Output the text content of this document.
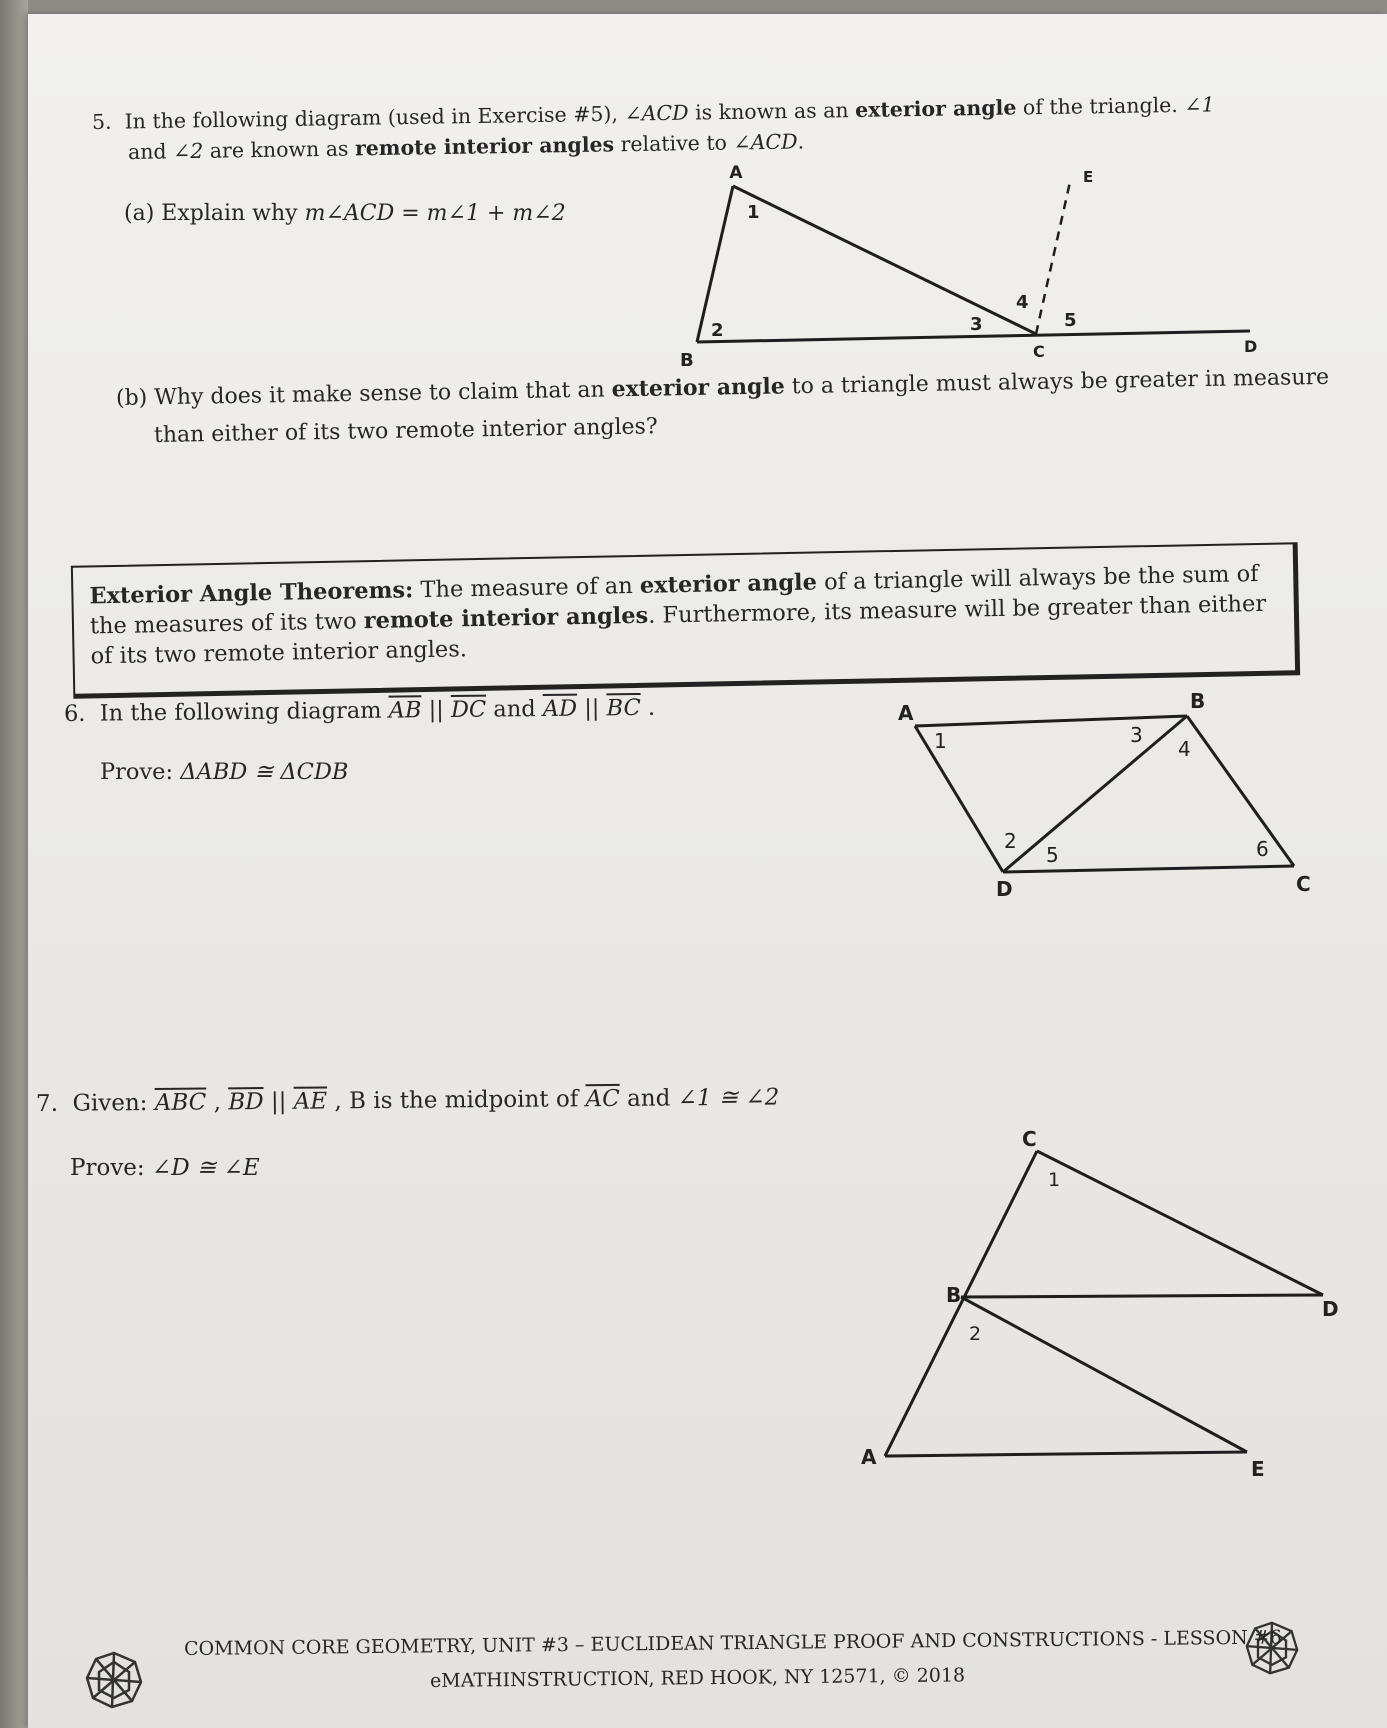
5. In the following diagram (used in Exercise #5), ∠ACD is known as an exterior angle of the triangle. ∠1
and ∠2 are known as remote interior angles relative to ∠ACD.
(a) Explain why m∠ACD = m∠1 + m∠2
A
B	C	D
E
1
2	3
4
5
(b) Why does it make sense to claim that an exterior angle to a triangle must always be greater in measure
than either of its two remote interior angles?

Exterior Angle Theorems: The measure of an exterior angle of a triangle will always be the sum of the measures of its two remote interior angles. Furthermore, its measure will be greater than either of its two remote interior angles.

6. In the following diagram $\overline{AB}$ || $\overline{DC}$ and $\overline{AD}$ || $\overline{BC}$ .
Prove: ΔABD ≅ ΔCDB
A	B
C
D
1
2
3
4
5	6
7. Given: $\overline{ABC}$ , $\overline{BD}$ || $\overline{AE}$ , B is the midpoint of $\overline{AC}$ and ∠1 ≅ ∠2
Prove: ∠D ≅ ∠E
C
B
D
A	E
1
2
COMMON CORE GEOMETRY, UNIT #3 – EUCLIDEAN TRIANGLE PROOF AND CONSTRUCTIONS - LESSON #6
eMATHINSTRUCTION, RED HOOK, NY 12571, © 2018
